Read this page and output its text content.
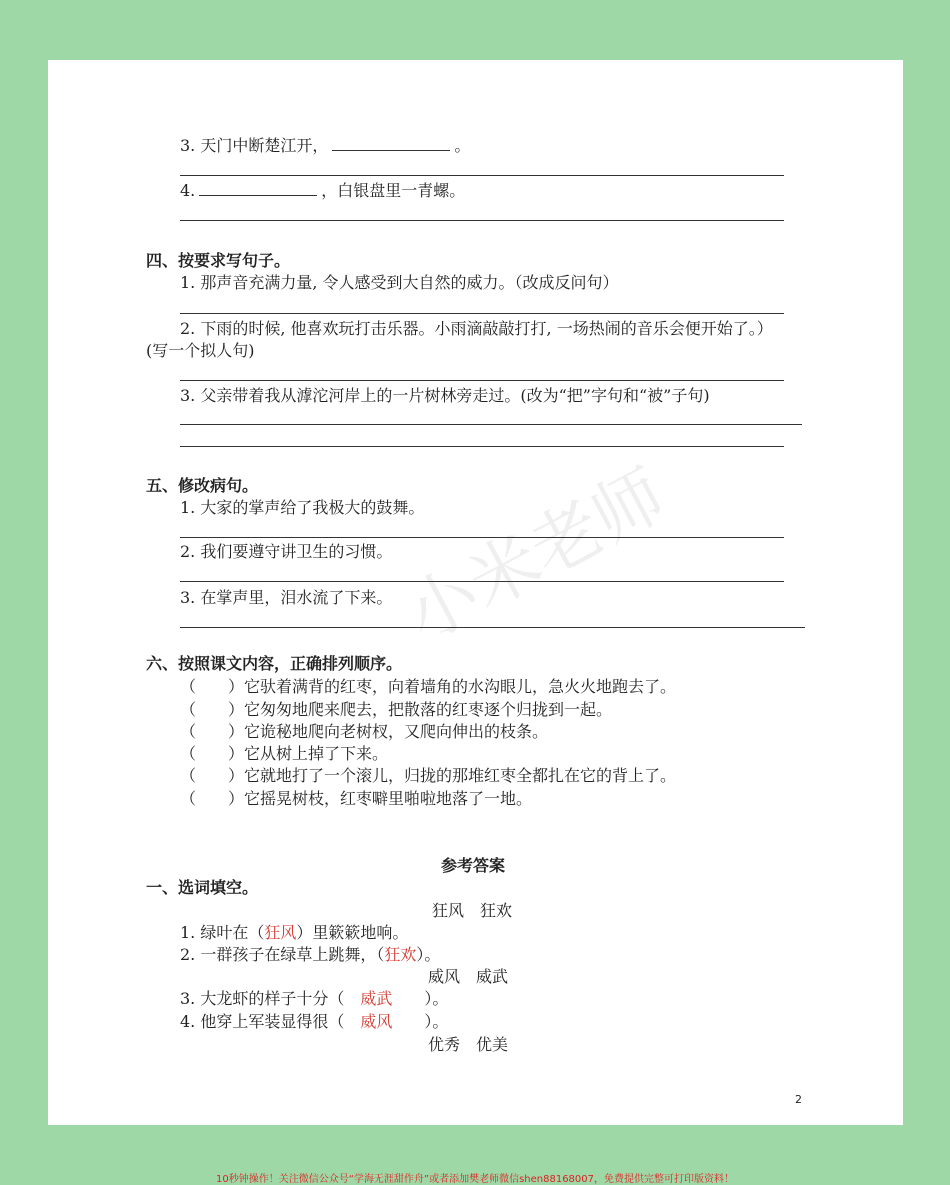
小米老师
3. 天门中断楚江开，	。
4.	，白银盘里一青螺。
四、按要求写句子。
1. 那声音充满力量, 令人感受到大自然的威力。（改成反问句）
2. 下雨的时候, 他喜欢玩打击乐器。小雨滴敲敲打打, 一场热闹的音乐会便开始了。）
(写一个拟人句)
3. 父亲带着我从滹沱河岸上的一片树林旁走过。(改为“把”字句和“被”子句)
五、修改病句。
1. 大家的掌声给了我极大的鼓舞。
2. 我们要遵守讲卫生的习惯。
3. 在掌声里，泪水流了下来。
六、按照课文内容，正确排列顺序。
（　　）它驮着满背的红枣，向着墙角的水沟眼儿，急火火地跑去了。
（　　）它匆匆地爬来爬去，把散落的红枣逐个归拢到一起。
（　　）它诡秘地爬向老树杈，又爬向伸出的枝条。
（　　）它从树上掉了下来。
（　　）它就地打了一个滚儿，归拢的那堆红枣全都扎在它的背上了。
（　　）它摇晃树枝，红枣噼里啪啦地落了一地。
参考答案
一、选词填空。
狂风　狂欢
1. 绿叶在（狂风）里簌簌地响。
2. 一群孩子在绿草上跳舞，（狂欢）。
威风　威武
3. 大龙虾的样子十分（　威武　　）。
4. 他穿上军装显得很（　威风　　）。
优秀　优美
2
10秒钟操作！关注微信公众号“学海无涯甜作舟”或者添加樊老师微信shen88168007，免费提供完整可打印版资料！
